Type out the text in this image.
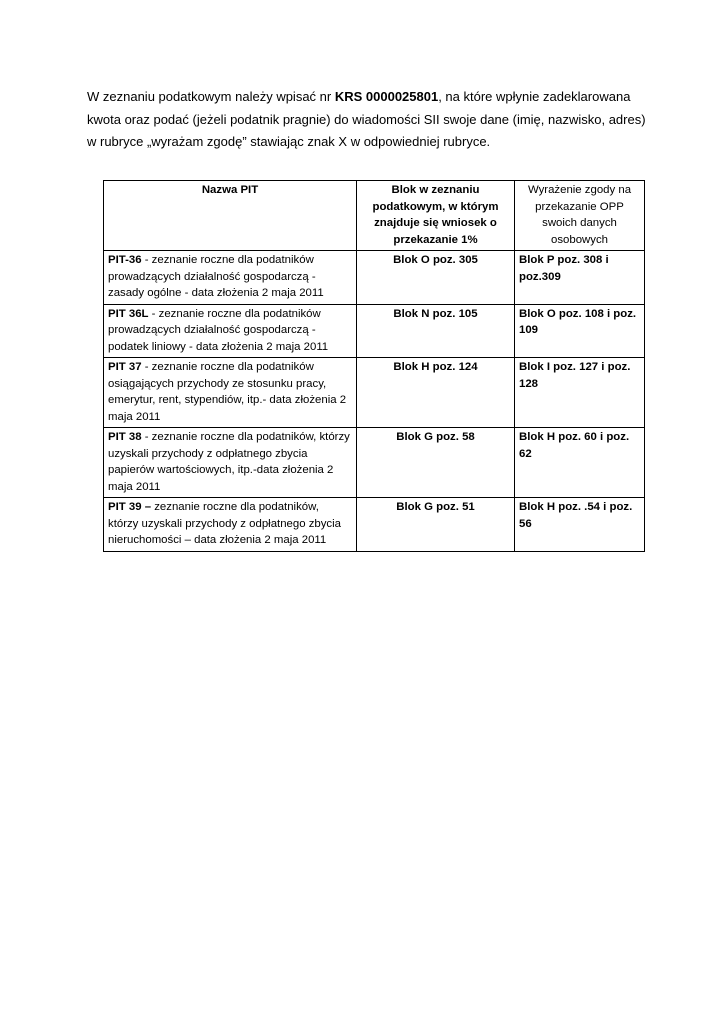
W zeznaniu podatkowym należy wpisać nr KRS 0000025801, na które wpłynie zadeklarowana kwota oraz podać (jeżeli podatnik pragnie) do wiadomości SII swoje dane (imię, nazwisko, adres) w rubryce „wyrażam zgodę” stawiając znak X w odpowiedniej rubryce.

Nazwa PIT	Blok w zeznaniu podatkowym, w którym znajduje się wniosek o przekazanie 1%	Wyrażenie zgody na przekazanie OPP swoich danych osobowych
PIT-36 - zeznanie roczne dla podatników prowadzących działalność gospodarczą - zasady ogólne - data złożenia 2 maja 2011	Blok O poz. 305	Blok P poz. 308 i poz.309
PIT 36L - zeznanie roczne dla podatników prowadzących działalność gospodarczą - podatek liniowy - data złożenia 2 maja 2011	Blok N poz. 105	Blok O poz. 108 i poz. 109
PIT 37 - zeznanie roczne dla podatników osiągających przychody ze stosunku pracy, emerytur, rent, stypendiów, itp.- data złożenia 2 maja 2011	Blok H poz. 124	Blok I poz. 127 i poz. 128
PIT 38 - zeznanie roczne dla podatników, którzy uzyskali przychody z odpłatnego zbycia papierów wartościowych, itp.-data złożenia 2 maja 2011	Blok G poz. 58	Blok H poz. 60 i poz. 62
PIT 39 – zeznanie roczne dla podatników, którzy uzyskali przychody z odpłatnego zbycia nieruchomości – data złożenia 2 maja 2011	Blok G poz. 51	Blok H poz. .54 i poz. 56
